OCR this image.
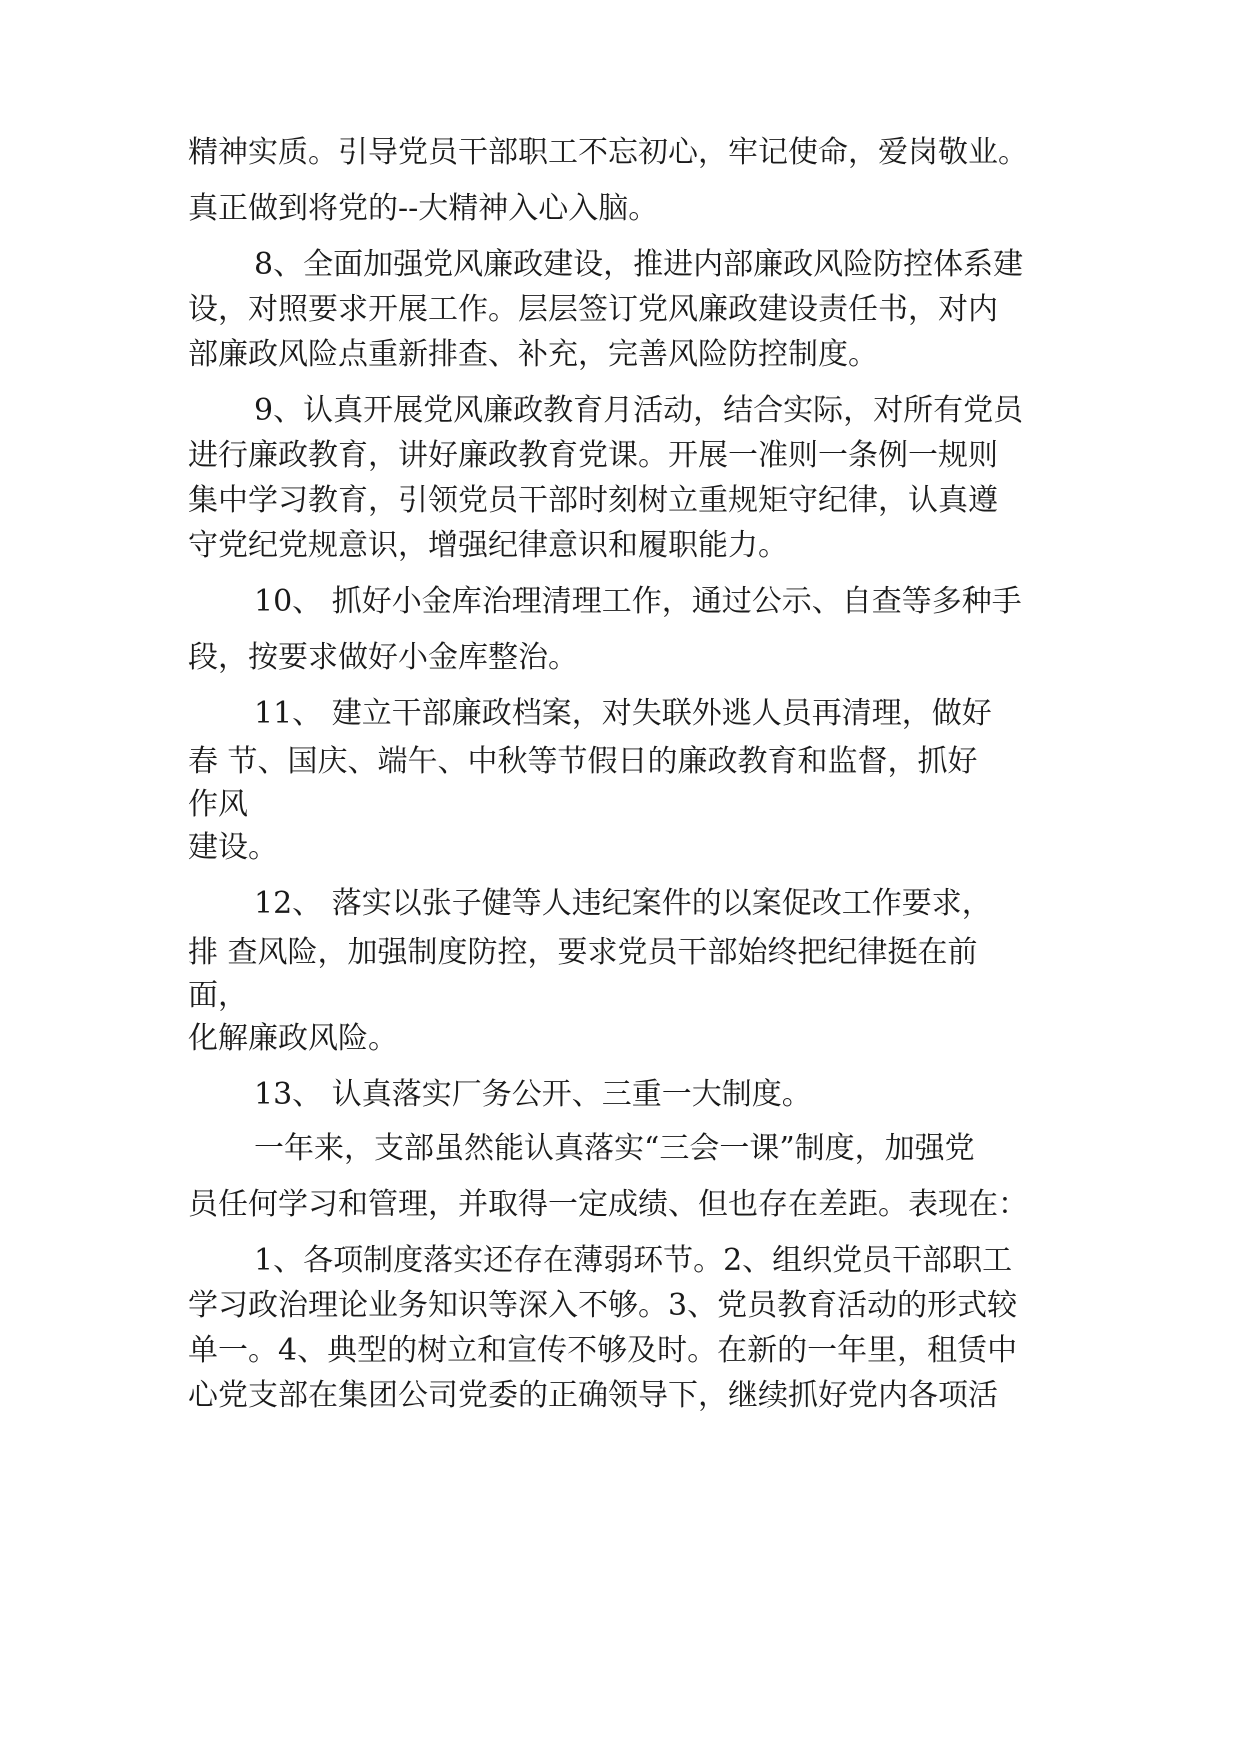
精神实质。引导党员干部职工不忘初心，牢记使命，爱岗敬业。

真正做到将党的--大精神入心入脑。

8、全面加强党风廉政建设，推进内部廉政风险防控体系建

设，对照要求开展工作。层层签订党风廉政建设责任书，对内

部廉政风险点重新排查、补充，完善风险防控制度。

9、认真开展党风廉政教育月活动，结合实际，对所有党员

进行廉政教育，讲好廉政教育党课。开展一准则一条例一规则

集中学习教育，引领党员干部时刻树立重规矩守纪律，认真遵

守党纪党规意识，增强纪律意识和履职能力。

10、 抓好小金库治理清理工作，通过公示、自查等多种手

段，按要求做好小金库整治。

11、 建立干部廉政档案，对失联外逃人员再清理，做好

春 节、国庆、端午、中秋等节假日的廉政教育和监督，抓好

作风

建设。

12、 落实以张子健等人违纪案件的以案促改工作要求，

排 查风险，加强制度防控，要求党员干部始终把纪律挺在前

面，

化解廉政风险。

13、 认真落实厂务公开、三重一大制度。

一年来，支部虽然能认真落实“三会一课”制度，加强党

员任何学习和管理，并取得一定成绩、但也存在差距。表现在：

1、各项制度落实还存在薄弱环节。2、组织党员干部职工

学习政治理论业务知识等深入不够。3、党员教育活动的形式较

单一。4、典型的树立和宣传不够及时。在新的一年里，租赁中

心党支部在集团公司党委的正确领导下，继续抓好党内各项活
